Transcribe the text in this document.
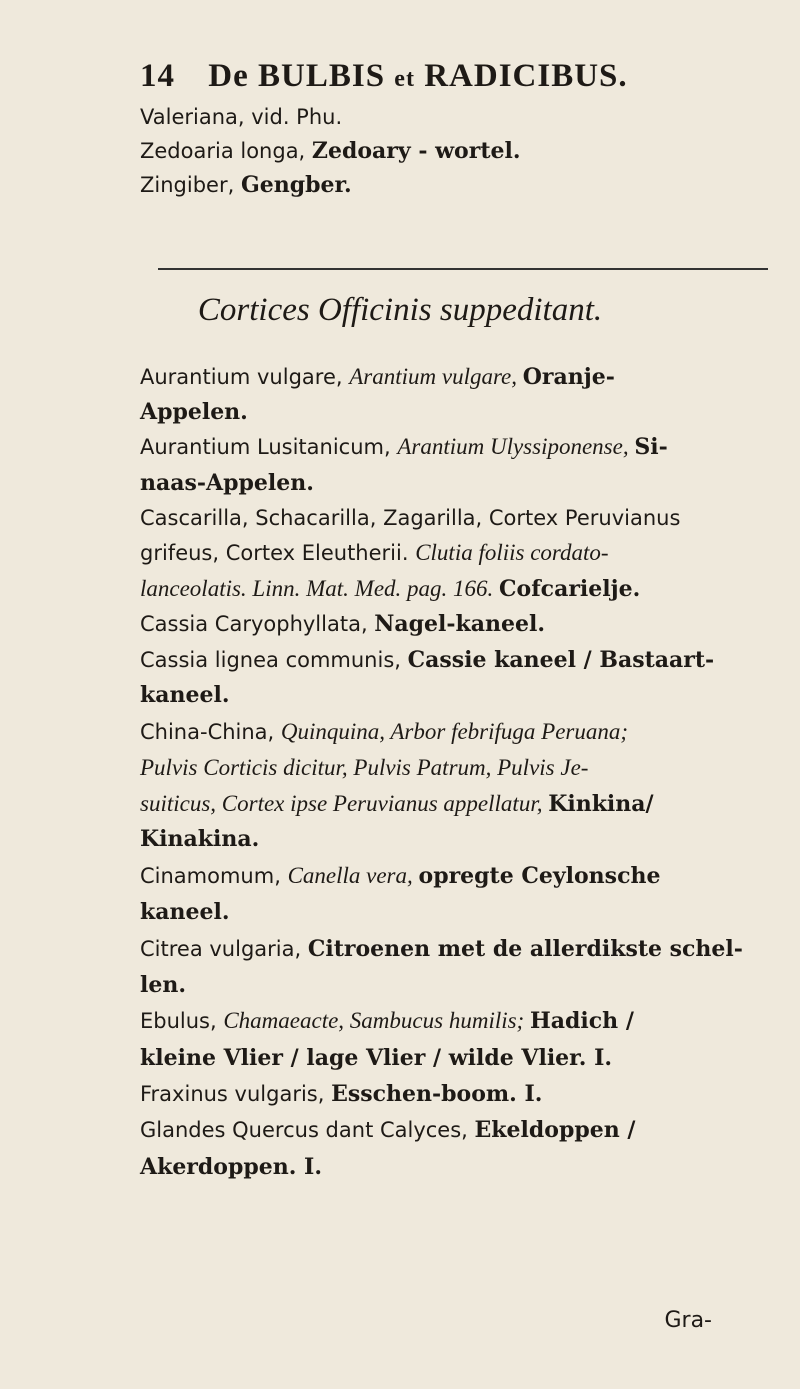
14 De BULBIS et RADICIBUS.
Valeriana, vid. Phu.
Zedoaria longa, Zedoary - wortel.
Zingiber, Gengber.
Cortices Officinis suppeditant.
Aurantium vulgare, Arantium vulgare, Oranje-
Appelen.
Aurantium Lusitanicum, Arantium Ulyssiponense, Si-
naas-Appelen.
Cascarilla, Schacarilla, Zagarilla, Cortex Peruvianus
grifeus, Cortex Eleutherii. Clutia foliis cordato-
lanceolatis. Linn. Mat. Med. pag. 166. Cofcarielje.
Cassia Caryophyllata, Nagel-kaneel.
Cassia lignea communis, Cassie kaneel / Bastaart-
kaneel.
China-China, Quinquina, Arbor febrifuga Peruana;
Pulvis Corticis dicitur, Pulvis Patrum, Pulvis Je-
suiticus, Cortex ipse Peruvianus appellatur, Kinkina/
Kinakina.
Cinamomum, Canella vera, opregte Ceylonsche
kaneel.
Citrea vulgaria, Citroenen met de allerdikste schel-
len.
Ebulus, Chamaeacte, Sambucus humilis; Hadich /
kleine Vlier / lage Vlier / wilde Vlier. I.
Fraxinus vulgaris, Esschen-boom. I.
Glandes Quercus dant Calyces, Ekeldoppen /
Akerdoppen. I.
Gra-
